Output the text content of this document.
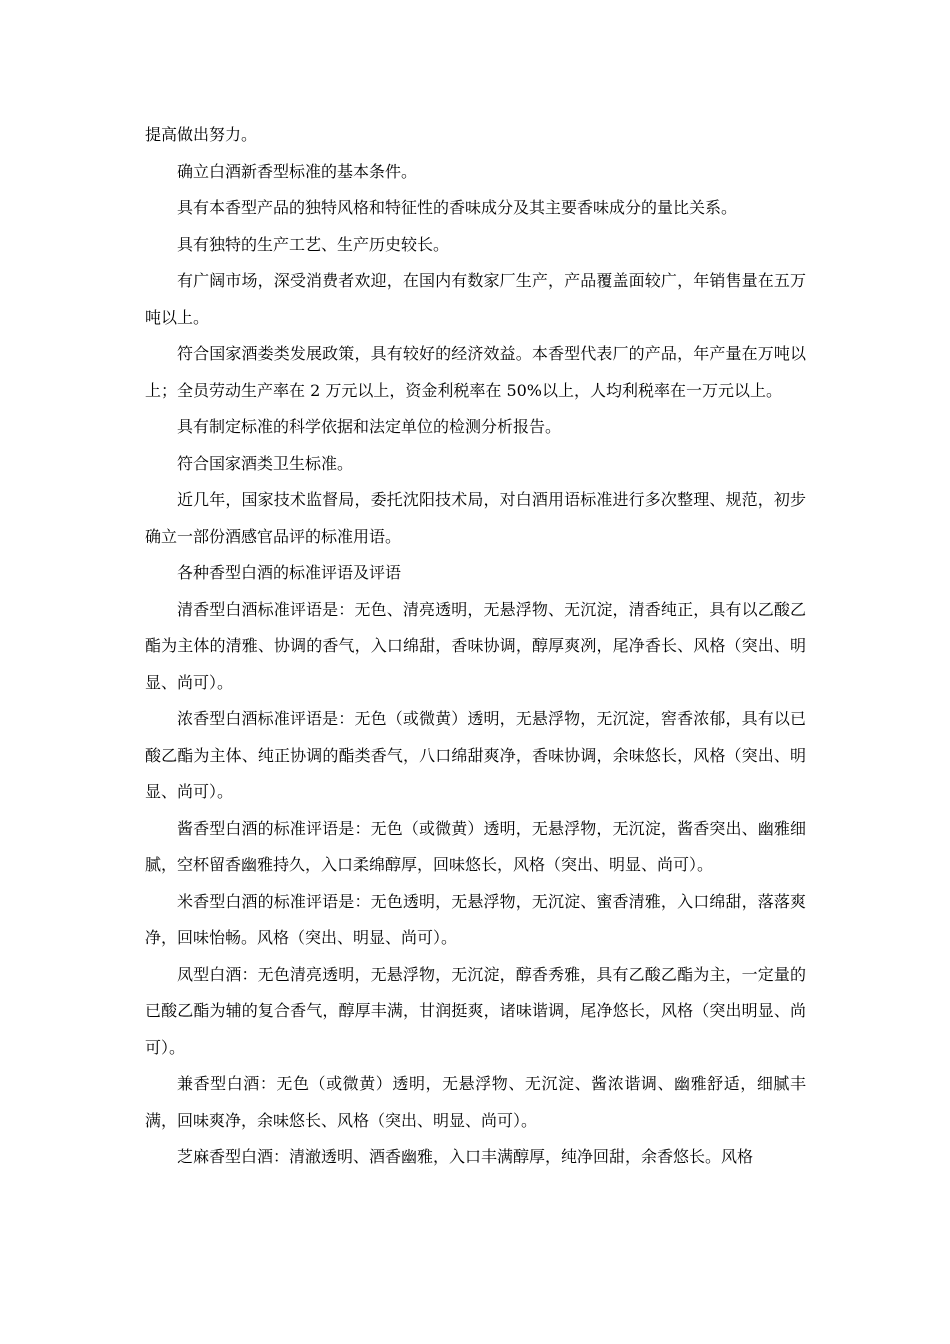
提高做出努力。

确立白酒新香型标准的基本条件。

具有本香型产品的独特风格和特征性的香味成分及其主要香味成分的量比关系。

具有独特的生产工艺、生产历史较长。

有广阔市场，深受消费者欢迎，在国内有数家厂生产，产品覆盖面较广，年销售量在五万吨以上。

符合国家酒娄类发展政策，具有较好的经济效益。本香型代表厂的产品，年产量在万吨以上；全员劳动生产率在 2 万元以上，资金利税率在 50%以上，人均利税率在一万元以上。

具有制定标准的科学依据和法定单位的检测分析报告。

符合国家酒类卫生标准。

近几年，国家技术监督局，委托沈阳技术局，对白酒用语标准进行多次整理、规范，初步确立一部份酒感官品评的标准用语。

各种香型白酒的标准评语及评语

清香型白酒标准评语是：无色、清亮透明，无悬浮物、无沉淀，清香纯正，具有以乙酸乙酯为主体的清雅、协调的香气，入口绵甜，香味协调，醇厚爽冽，尾净香长、风格（突出、明显、尚可）。

浓香型白酒标准评语是：无色（或微黄）透明，无悬浮物，无沉淀，窖香浓郁，具有以已酸乙酯为主体、纯正协调的酯类香气，八口绵甜爽净，香味协调，余味悠长，风格（突出、明显、尚可）。

酱香型白酒的标准评语是：无色（或微黄）透明，无悬浮物，无沉淀，酱香突出、幽雅细腻，空杯留香幽雅持久，入口柔绵醇厚，回味悠长，风格（突出、明显、尚可）。

米香型白酒的标准评语是：无色透明，无悬浮物，无沉淀、蜜香清雅，入口绵甜，落落爽净，回味怡畅。风格（突出、明显、尚可）。

凤型白酒：无色清亮透明，无悬浮物，无沉淀，醇香秀雅，具有乙酸乙酯为主，一定量的已酸乙酯为辅的复合香气，醇厚丰满，甘润挺爽，诸味谐调，尾净悠长，风格（突出明显、尚可）。

兼香型白酒：无色（或微黄）透明，无悬浮物、无沉淀、酱浓谐调、幽雅舒适，细腻丰满，回味爽净，余味悠长、风格（突出、明显、尚可）。

芝麻香型白酒：清澈透明、酒香幽雅，入口丰满醇厚，纯净回甜，余香悠长。风格
